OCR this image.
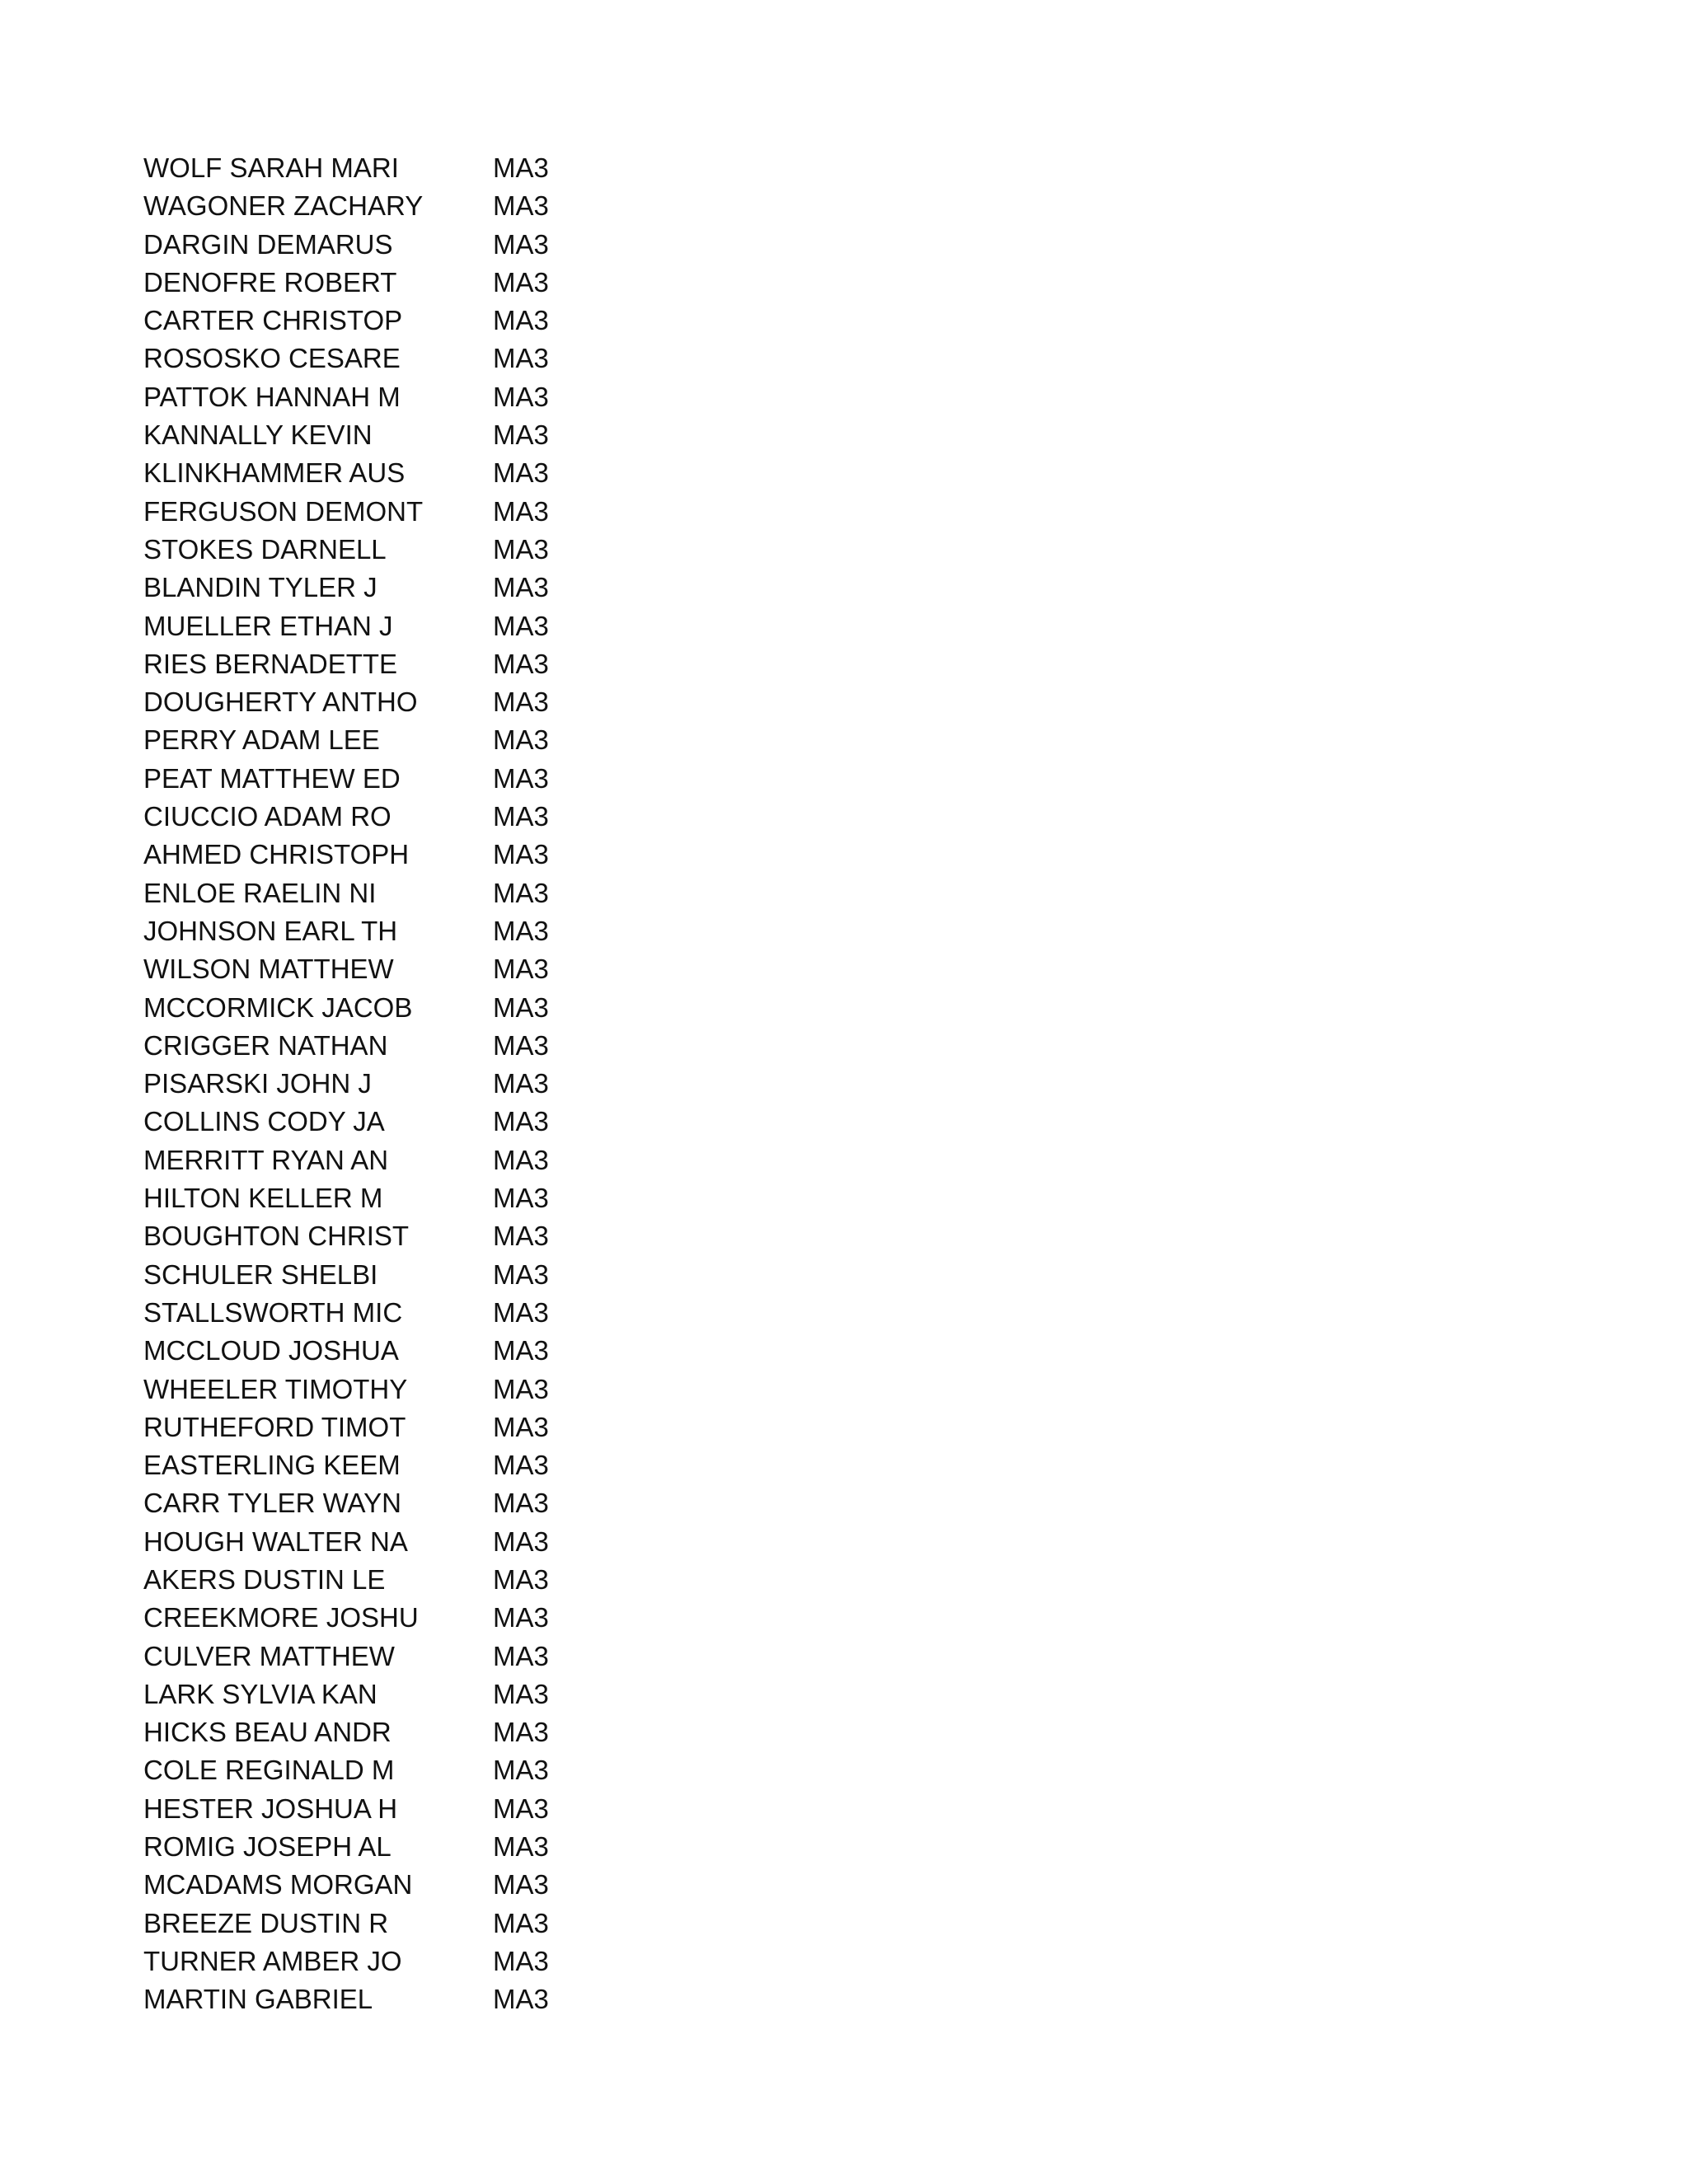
WOLF SARAH MARI	MA3
WAGONER ZACHARY	MA3
DARGIN DEMARUS	MA3
DENOFRE ROBERT	MA3
CARTER CHRISTOP	MA3
ROSOSKO CESARE	MA3
PATTOK HANNAH M	MA3
KANNALLY KEVIN	MA3
KLINKHAMMER AUS	MA3
FERGUSON DEMONT	MA3
STOKES DARNELL	MA3
BLANDIN TYLER J	MA3
MUELLER ETHAN J	MA3
RIES BERNADETTE	MA3
DOUGHERTY ANTHO	MA3
PERRY ADAM LEE	MA3
PEAT MATTHEW ED	MA3
CIUCCIO ADAM RO	MA3
AHMED CHRISTOPH	MA3
ENLOE RAELIN NI	MA3
JOHNSON EARL TH	MA3
WILSON MATTHEW	MA3
MCCORMICK JACOB	MA3
CRIGGER NATHAN	MA3
PISARSKI JOHN J	MA3
COLLINS CODY JA	MA3
MERRITT RYAN AN	MA3
HILTON KELLER M	MA3
BOUGHTON CHRIST	MA3
SCHULER SHELBI	MA3
STALLSWORTH MIC	MA3
MCCLOUD JOSHUA	MA3
WHEELER TIMOTHY	MA3
RUTHEFORD TIMOT	MA3
EASTERLING KEEM	MA3
CARR TYLER WAYN	MA3
HOUGH WALTER NA	MA3
AKERS DUSTIN LE	MA3
CREEKMORE JOSHU	MA3
CULVER MATTHEW	MA3
LARK SYLVIA KAN	MA3
HICKS BEAU ANDR	MA3
COLE REGINALD M	MA3
HESTER JOSHUA H	MA3
ROMIG JOSEPH AL	MA3
MCADAMS MORGAN	MA3
BREEZE DUSTIN R	MA3
TURNER AMBER JO	MA3
MARTIN GABRIEL	MA3
